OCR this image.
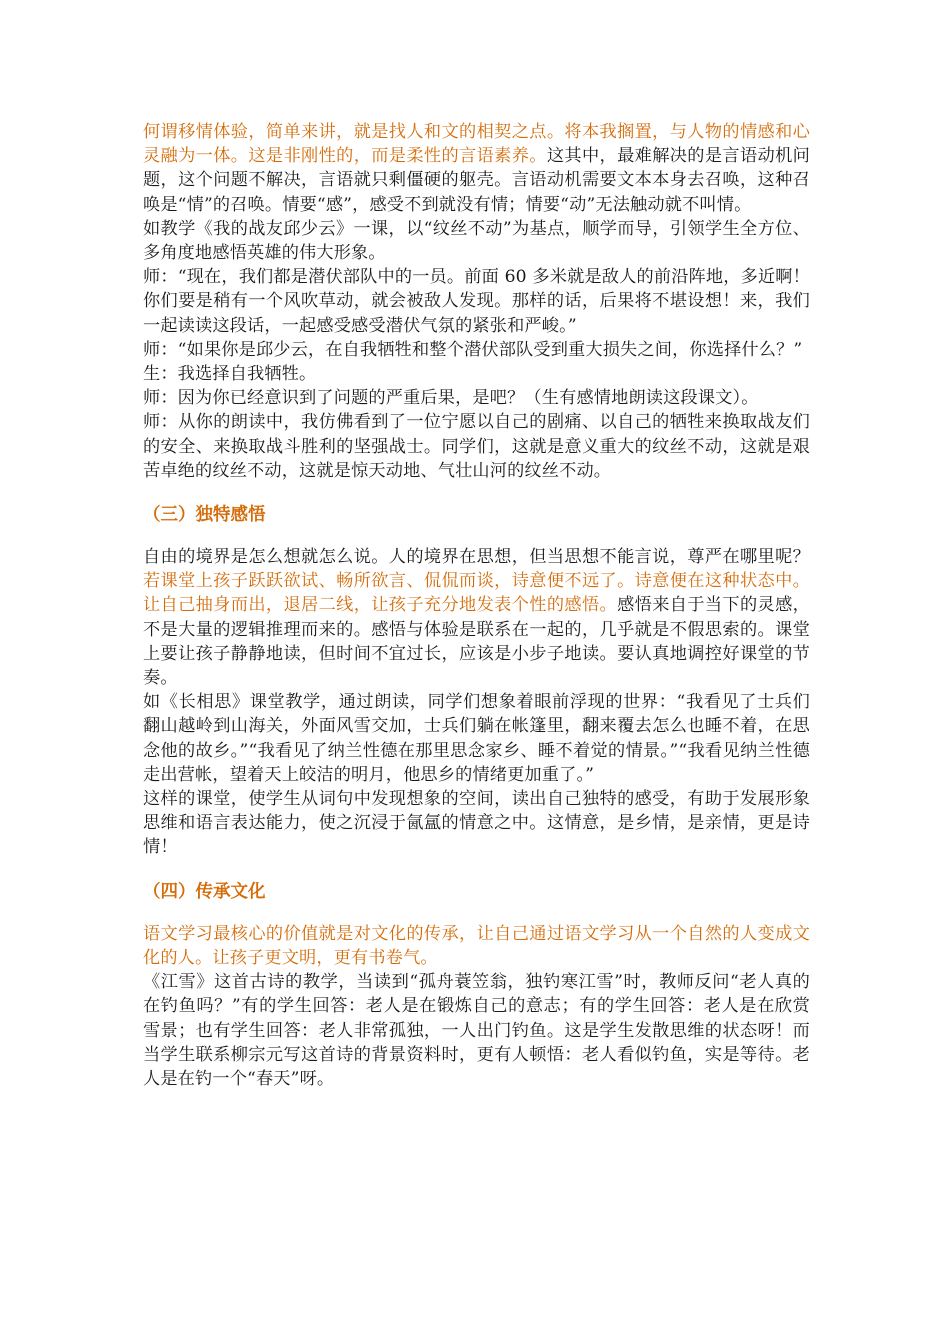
何谓移情体验，简单来讲，就是找人和文的相契之点。将本我搁置，与人物的情感和心灵融为一体。这是非刚性的，而是柔性的言语素养。这其中，最难解决的是言语动机问题，这个问题不解决，言语就只剩僵硬的躯壳。言语动机需要文本本身去召唤，这种召唤是“情”的召唤。情要“感”，感受不到就没有情；情要“动”无法触动就不叫情。

如教学《我的战友邱少云》一课，以“纹丝不动”为基点，顺学而导，引领学生全方位、多角度地感悟英雄的伟大形象。

师：“现在，我们都是潜伏部队中的一员。前面 60 多米就是敌人的前沿阵地，多近啊！你们要是稍有一个风吹草动，就会被敌人发现。那样的话，后果将不堪设想！来，我们一起读读这段话，一起感受感受潜伏气氛的紧张和严峻。”

师：“如果你是邱少云，在自我牺牲和整个潜伏部队受到重大损失之间，你选择什么？”

生：我选择自我牺牲。

师：因为你已经意识到了问题的严重后果，是吧？（生有感情地朗读这段课文）。

师：从你的朗读中，我仿佛看到了一位宁愿以自己的剧痛、以自己的牺牲来换取战友们的安全、来换取战斗胜利的坚强战士。同学们，这就是意义重大的纹丝不动，这就是艰苦卓绝的纹丝不动，这就是惊天动地、气壮山河的纹丝不动。

（三）独特感悟

自由的境界是怎么想就怎么说。人的境界在思想，但当思想不能言说，尊严在哪里呢？若课堂上孩子跃跃欲试、畅所欲言、侃侃而谈，诗意便不远了。诗意便在这种状态中。让自己抽身而出，退居二线，让孩子充分地发表个性的感悟。感悟来自于当下的灵感，不是大量的逻辑推理而来的。感悟与体验是联系在一起的，几乎就是不假思索的。课堂上要让孩子静静地读，但时间不宜过长，应该是小步子地读。要认真地调控好课堂的节奏。

如《长相思》课堂教学，通过朗读，同学们想象着眼前浮现的世界：“我看见了士兵们翻山越岭到山海关，外面风雪交加，士兵们躺在帐篷里，翻来覆去怎么也睡不着，在思念他的故乡。”“我看见了纳兰性德在那里思念家乡、睡不着觉的情景。”“我看见纳兰性德走出营帐，望着天上皎洁的明月，他思乡的情绪更加重了。”

这样的课堂，使学生从词句中发现想象的空间，读出自己独特的感受，有助于发展形象思维和语言表达能力，使之沉浸于氤氲的情意之中。这情意，是乡情，是亲情，更是诗情！

（四）传承文化

语文学习最核心的价值就是对文化的传承，让自己通过语文学习从一个自然的人变成文化的人。让孩子更文明，更有书卷气。

《江雪》这首古诗的教学，当读到“孤舟蓑笠翁，独钓寒江雪”时，教师反问“老人真的在钓鱼吗？”有的学生回答：老人是在锻炼自己的意志；有的学生回答：老人是在欣赏雪景；也有学生回答：老人非常孤独，一人出门钓鱼。这是学生发散思维的状态呀！而当学生联系柳宗元写这首诗的背景资料时，更有人顿悟：老人看似钓鱼，实是等待。老人是在钓一个“春天”呀。
